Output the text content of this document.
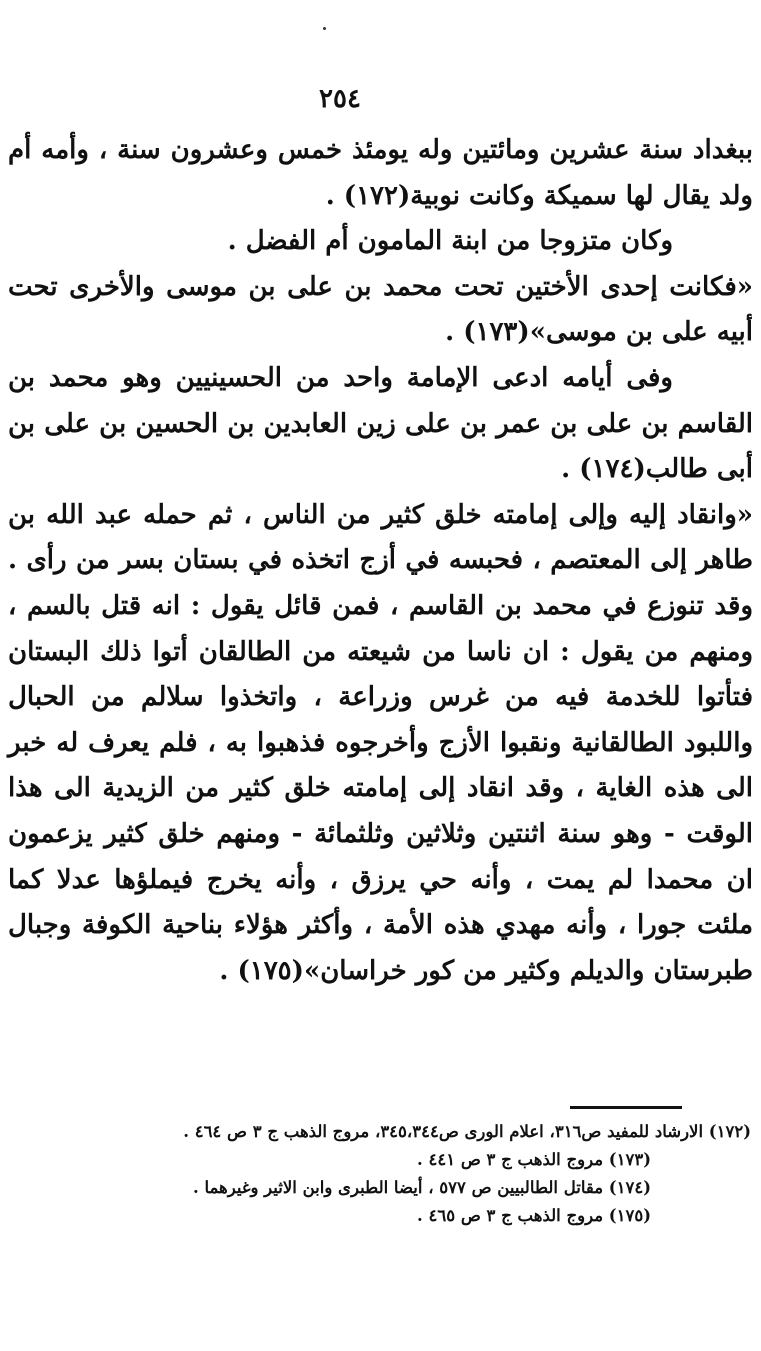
٢٥٤

ببغداد سنة عشرين ومائتين وله يومئذ خمس وعشرون سنة ، وأمه أم ولد يقال لها سميكة وكانت نوبية(١٧٢) .

وكان متزوجا من ابنة المامون أم الفضل .

«فكانت إحدى الأختين تحت محمد بن على بن موسى والأخرى تحت أبيه على بن موسى»(١٧٣) .

وفى أيامه ادعى الإمامة واحد من الحسينيين وهو محمد بن القاسم بن على بن عمر بن على زين العابدين بن الحسين بن على بن أبى طالب(١٧٤) .

«وانقاد إليه وإلى إمامته خلق كثير من الناس ، ثم حمله عبد الله بن طاهر إلى المعتصم ، فحبسه في أزج اتخذه في بستان بسر من رأى . وقد تنوزع في محمد بن القاسم ، فمن قائل يقول : انه قتل بالسم ، ومنهم من يقول : ان ناسا من شيعته من الطالقان أتوا ذلك البستان فتأتوا للخدمة فيه من غرس وزراعة ، واتخذوا سلالم من الحبال واللبود الطالقانية ونقبوا الأزج وأخرجوه فذهبوا به ، فلم يعرف له خبر الى هذه الغاية ، وقد انقاد إلى إمامته خلق كثير من الزيدية الى هذا الوقت - وهو سنة اثنتين وثلاثين وثلثمائة - ومنهم خلق كثير يزعمون ان محمدا لم يمت ، وأنه حي يرزق ، وأنه يخرج فيملؤها عدلا كما ملئت جورا ، وأنه مهدي هذه الأمة ، وأكثر هؤلاء بناحية الكوفة وجبال طبرستان والديلم وكثير من كور خراسان»(١٧٥) .

(١٧٢) الارشاد للمفيد ص٣١٦، اعلام الورى ص٣٤٥،٣٤٤، مروج الذهب ج ٣ ص ٤٦٤ .

(١٧٣) مروج الذهب ج ٣ ص ٤٤١ .

(١٧٤) مقاتل الطالبيين ص ٥٧٧ ، أيضا الطبرى وابن الاثير وغيرهما .

(١٧٥) مروج الذهب ج ٣ ص ٤٦٥ .
